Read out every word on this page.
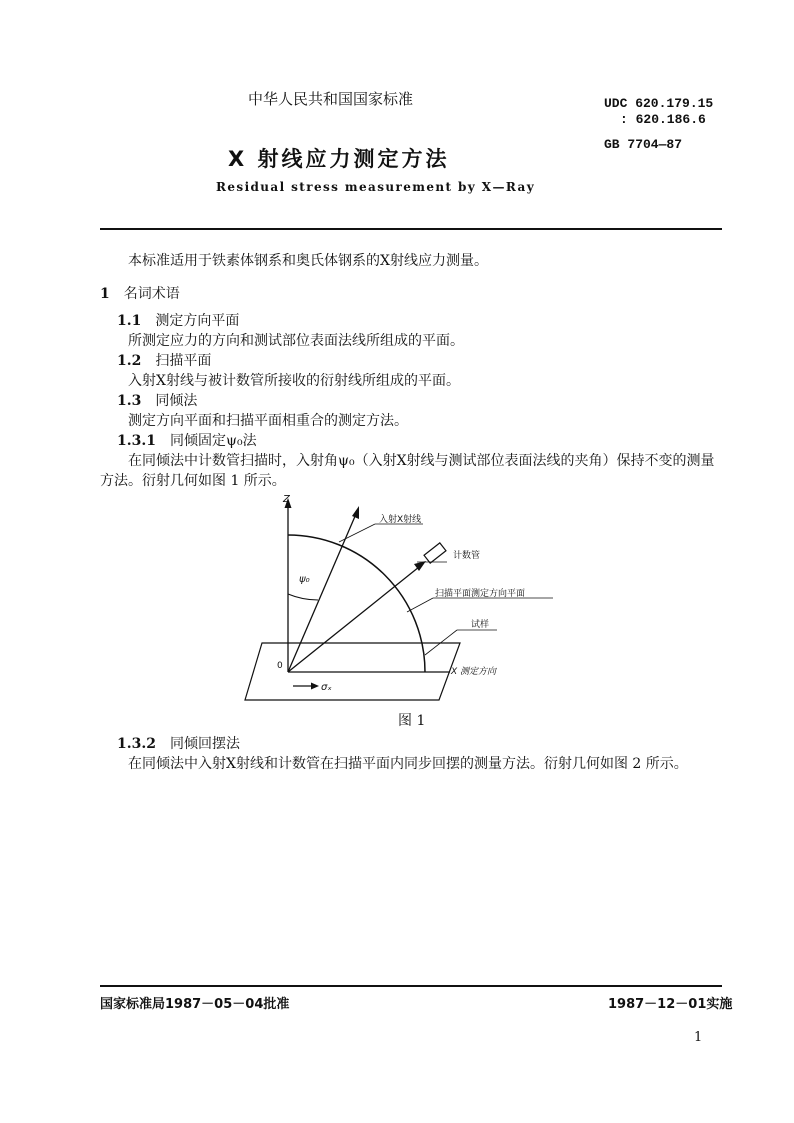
中华人民共和国国家标准	UDC 620.179.15
: 620.186.6
GB 7704—87
X 射线应力测定方法
Residual stress measurement by X—Ray
本标准适用于铁素体钢系和奥氏体钢系的X射线应力测量。
1 名词术语
1.1 测定方向平面
所测定应力的方向和测试部位表面法线所组成的平面。
1.2 扫描平面
入射X射线与被计数管所接收的衍射线所组成的平面。
1.3 同倾法
测定方向平面和扫描平面相重合的测定方法。
1.3.1 同倾固定ψ₀法
在同倾法中计数管扫描时，入射角ψ₀（入射X射线与测试部位表面法线的夹角）保持不变的测量
方法。衍射几何如图 1 所示。
Z
0
ψ₀
入射X射线
计数管
扫描平面测定方向平面
试样
X 测定方向
σₓ
图 1
1.3.2 同倾回摆法
在同倾法中入射X射线和计数管在扫描平面内同步回摆的测量方法。衍射几何如图 2 所示。
国家标准局1987－05－04批准	1987－12－01实施
1
